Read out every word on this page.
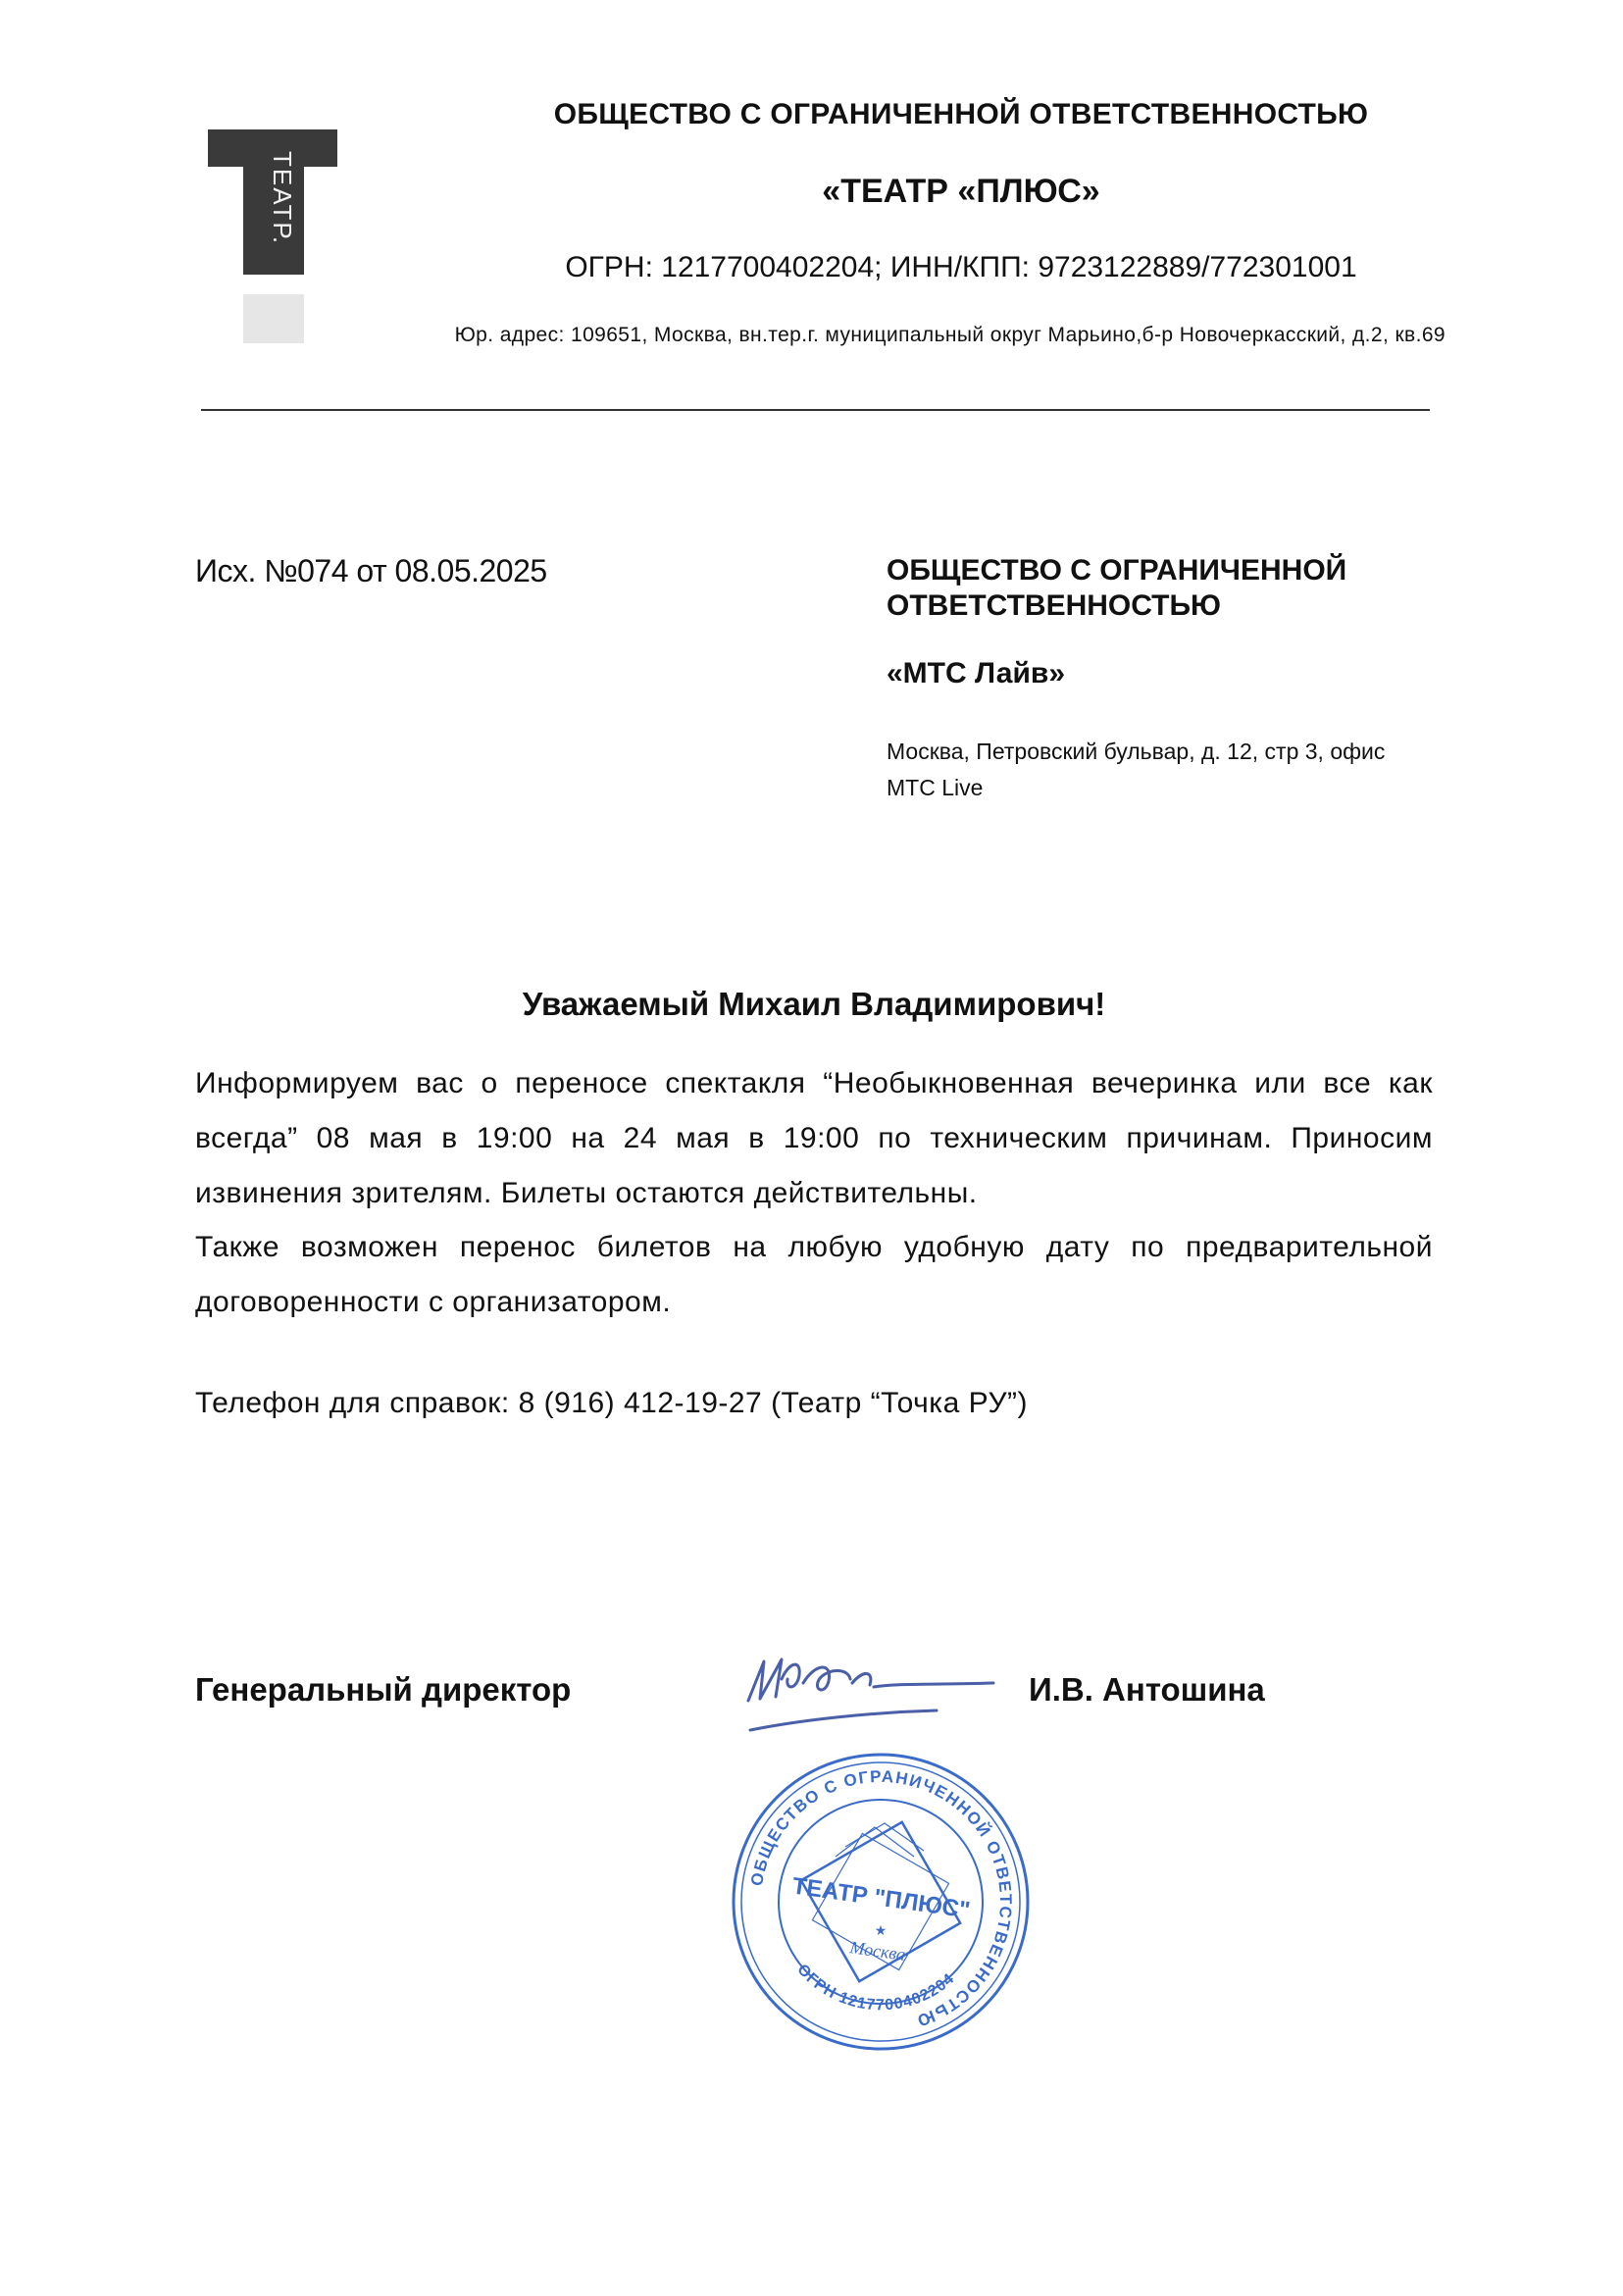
ТЕАТР.
ОБЩЕСТВО С ОГРАНИЧЕННОЙ ОТВЕТСТВЕННОСТЬЮ
«ТЕАТР «ПЛЮС»
ОГРН: 1217700402204; ИНН/КПП: 9723122889/772301001
Юр. адрес: 109651, Москва, вн.тер.г. муниципальный округ Марьино,б-р Новочеркасский, д.2, кв.69
Исх. №074 от 08.05.2025	ОБЩЕСТВО С ОГРАНИЧЕННОЙ ОТВЕТСТВЕННОСТЬЮ
«МТС Лайв»
Москва, Петровский бульвар, д. 12, стр 3, офис МТС Live
Уважаемый Михаил Владимирович!
Информируем вас о переносе спектакля “Необыкновенная вечеринка или все как всегда” 08 мая в 19:00 на 24 мая в 19:00 по техническим причинам. Приносим извинения зрителям. Билеты остаются действительны.
Также возможен перенос билетов на любую удобную дату по предварительной договоренности с организатором.
Телефон для справок: 8 (916) 412-19-27 (Театр “Точка РУ”)
Генеральный директор	И.В. Антошина
ОБЩЕСТВО С ОГРАНИЧЕННОЙ ОТВЕТСТВЕННОСТЬЮ
ОГРН 1217700402204
ТЕАТР "ПЛЮС"
★
Москва
